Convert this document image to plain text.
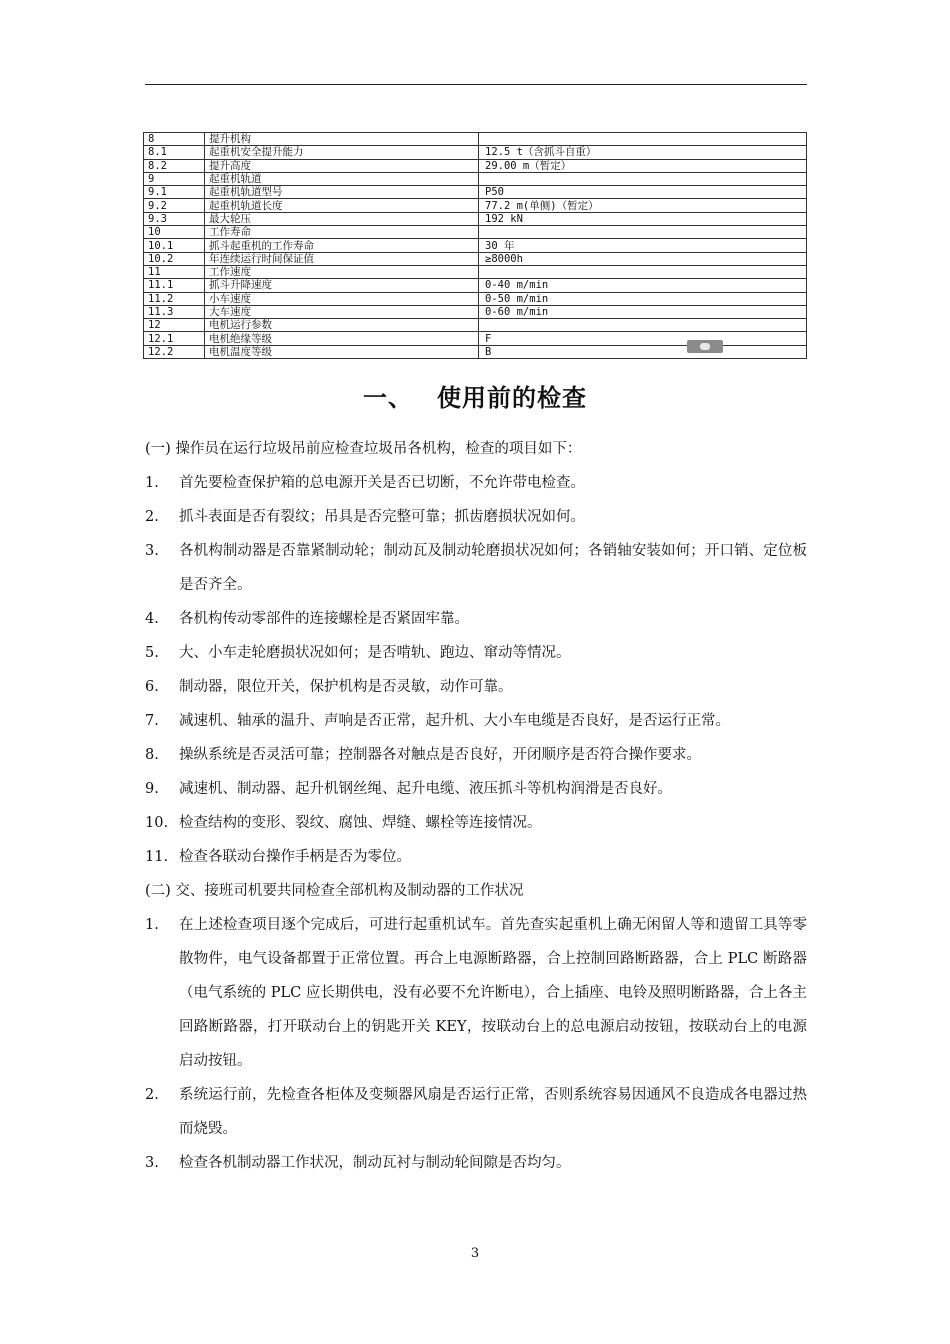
8	提升机构	
8.1	起重机安全提升能力	12.5 t（含抓斗自重）
8.2	提升高度	29.00 m（暂定）
9	起重机轨道	
9.1	起重机轨道型号	P50
9.2	起重机轨道长度	77.2 m(单侧)（暂定）
9.3	最大轮压	192 kN
10	工作寿命	
10.1	抓斗起重机的工作寿命	30 年
10.2	年连续运行时间保证值	≥8000h
11	工作速度	
11.1	抓斗升降速度	0-40 m/min
11.2	小车速度	0-50 m/min
11.3	大车速度	0-60 m/min
12	电机运行参数	
12.1	电机绝缘等级	F
12.2	电机温度等级	B
一、 使用前的检查

(一) 操作员在运行垃圾吊前应检查垃圾吊各机构，检查的项目如下：

1. 首先要检查保护箱的总电源开关是否已切断，不允许带电检查。

2. 抓斗表面是否有裂纹；吊具是否完整可靠；抓齿磨损状况如何。

3. 各机构制动器是否靠紧制动轮；制动瓦及制动轮磨损状况如何；各销轴安装如何；开口销、定位板是否齐全。

4. 各机构传动零部件的连接螺栓是否紧固牢靠。

5. 大、小车走轮磨损状况如何；是否啃轨、跑边、窜动等情况。

6. 制动器，限位开关，保护机构是否灵敏，动作可靠。

7. 减速机、轴承的温升、声响是否正常，起升机、大小车电缆是否良好，是否运行正常。

8. 操纵系统是否灵活可靠；控制器各对触点是否良好，开闭顺序是否符合操作要求。

9. 减速机、制动器、起升机钢丝绳、起升电缆、液压抓斗等机构润滑是否良好。

10. 检查结构的变形、裂纹、腐蚀、焊缝、螺栓等连接情况。

11. 检查各联动台操作手柄是否为零位。

(二) 交、接班司机要共同检查全部机构及制动器的工作状况

1. 在上述检查项目逐个完成后，可进行起重机试车。首先查实起重机上确无闲留人等和遗留工具等零散物件，电气设备都置于正常位置。再合上电源断路器，合上控制回路断路器，合上 PLC 断路器（电气系统的 PLC 应长期供电，没有必要不允许断电），合上插座、电铃及照明断路器，合上各主回路断路器，打开联动台上的钥匙开关 KEY，按联动台上的总电源启动按钮，按联动台上的电源启动按钮。

2. 系统运行前，先检查各柜体及变频器风扇是否运行正常，否则系统容易因通风不良造成各电器过热而烧毁。

3. 检查各机制动器工作状况，制动瓦衬与制动轮间隙是否均匀。

3
